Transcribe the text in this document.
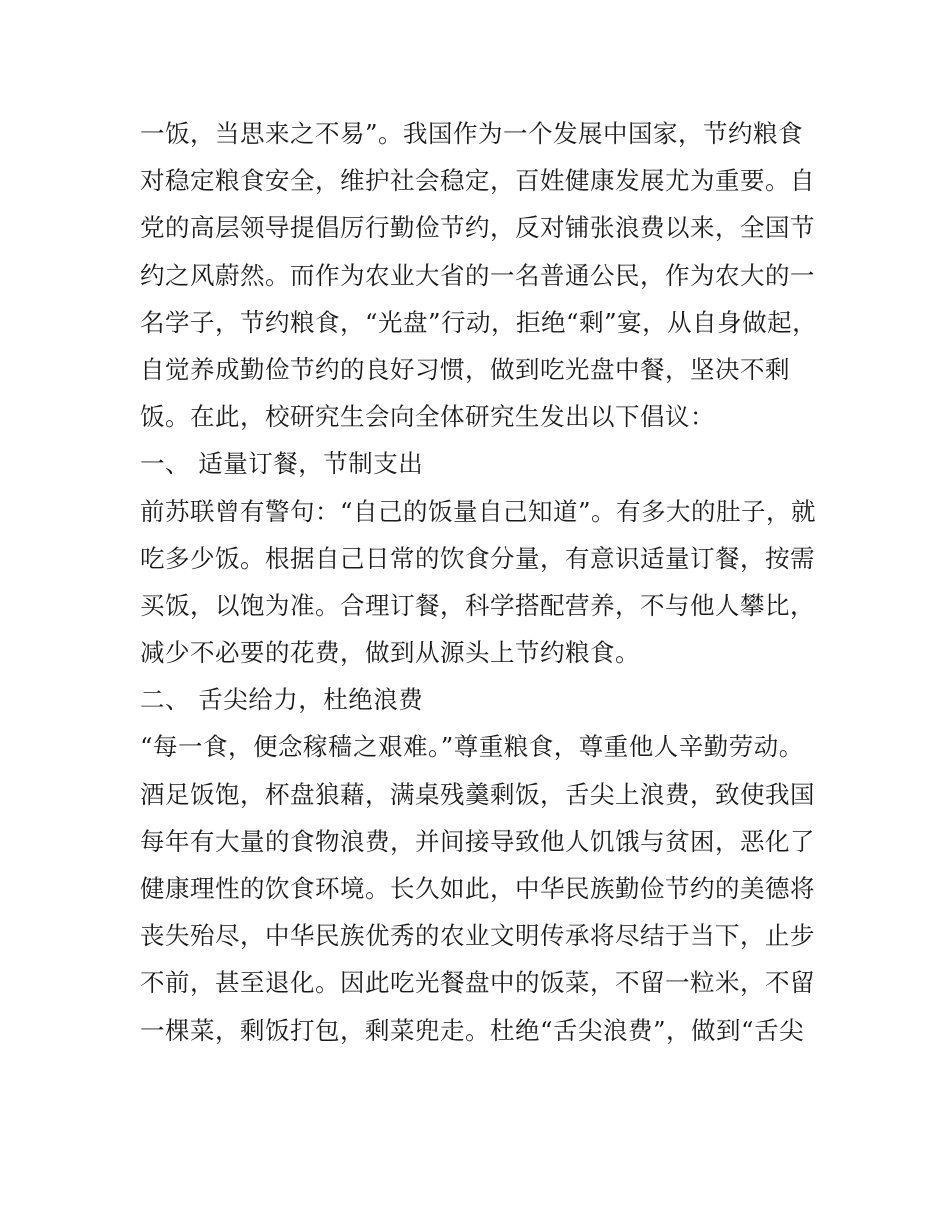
一饭，当思来之不易”。我国作为一个发展中国家，节约粮食
对稳定粮食安全，维护社会稳定，百姓健康发展尤为重要。自
党的高层领导提倡厉行勤俭节约，反对铺张浪费以来，全国节
约之风蔚然。而作为农业大省的一名普通公民，作为农大的一
名学子，节约粮食，“光盘”行动，拒绝“剩”宴，从自身做起，
自觉养成勤俭节约的良好习惯，做到吃光盘中餐，坚决不剩
饭。在此，校研究生会向全体研究生发出以下倡议：
一、 适量订餐，节制支出
前苏联曾有警句：“自己的饭量自己知道”。有多大的肚子，就
吃多少饭。根据自己日常的饮食分量，有意识适量订餐，按需
买饭，以饱为准。合理订餐，科学搭配营养，不与他人攀比，
减少不必要的花费，做到从源头上节约粮食。
二、 舌尖给力，杜绝浪费
“每一食，便念稼穑之艰难。”尊重粮食，尊重他人辛勤劳动。
酒足饭饱，杯盘狼藉，满桌残羹剩饭，舌尖上浪费，致使我国
每年有大量的食物浪费，并间接导致他人饥饿与贫困，恶化了
健康理性的饮食环境。长久如此，中华民族勤俭节约的美德将
丧失殆尽，中华民族优秀的农业文明传承将尽结于当下，止步
不前，甚至退化。因此吃光餐盘中的饭菜，不留一粒米，不留
一棵菜，剩饭打包，剩菜兜走。杜绝“舌尖浪费”，做到“舌尖
